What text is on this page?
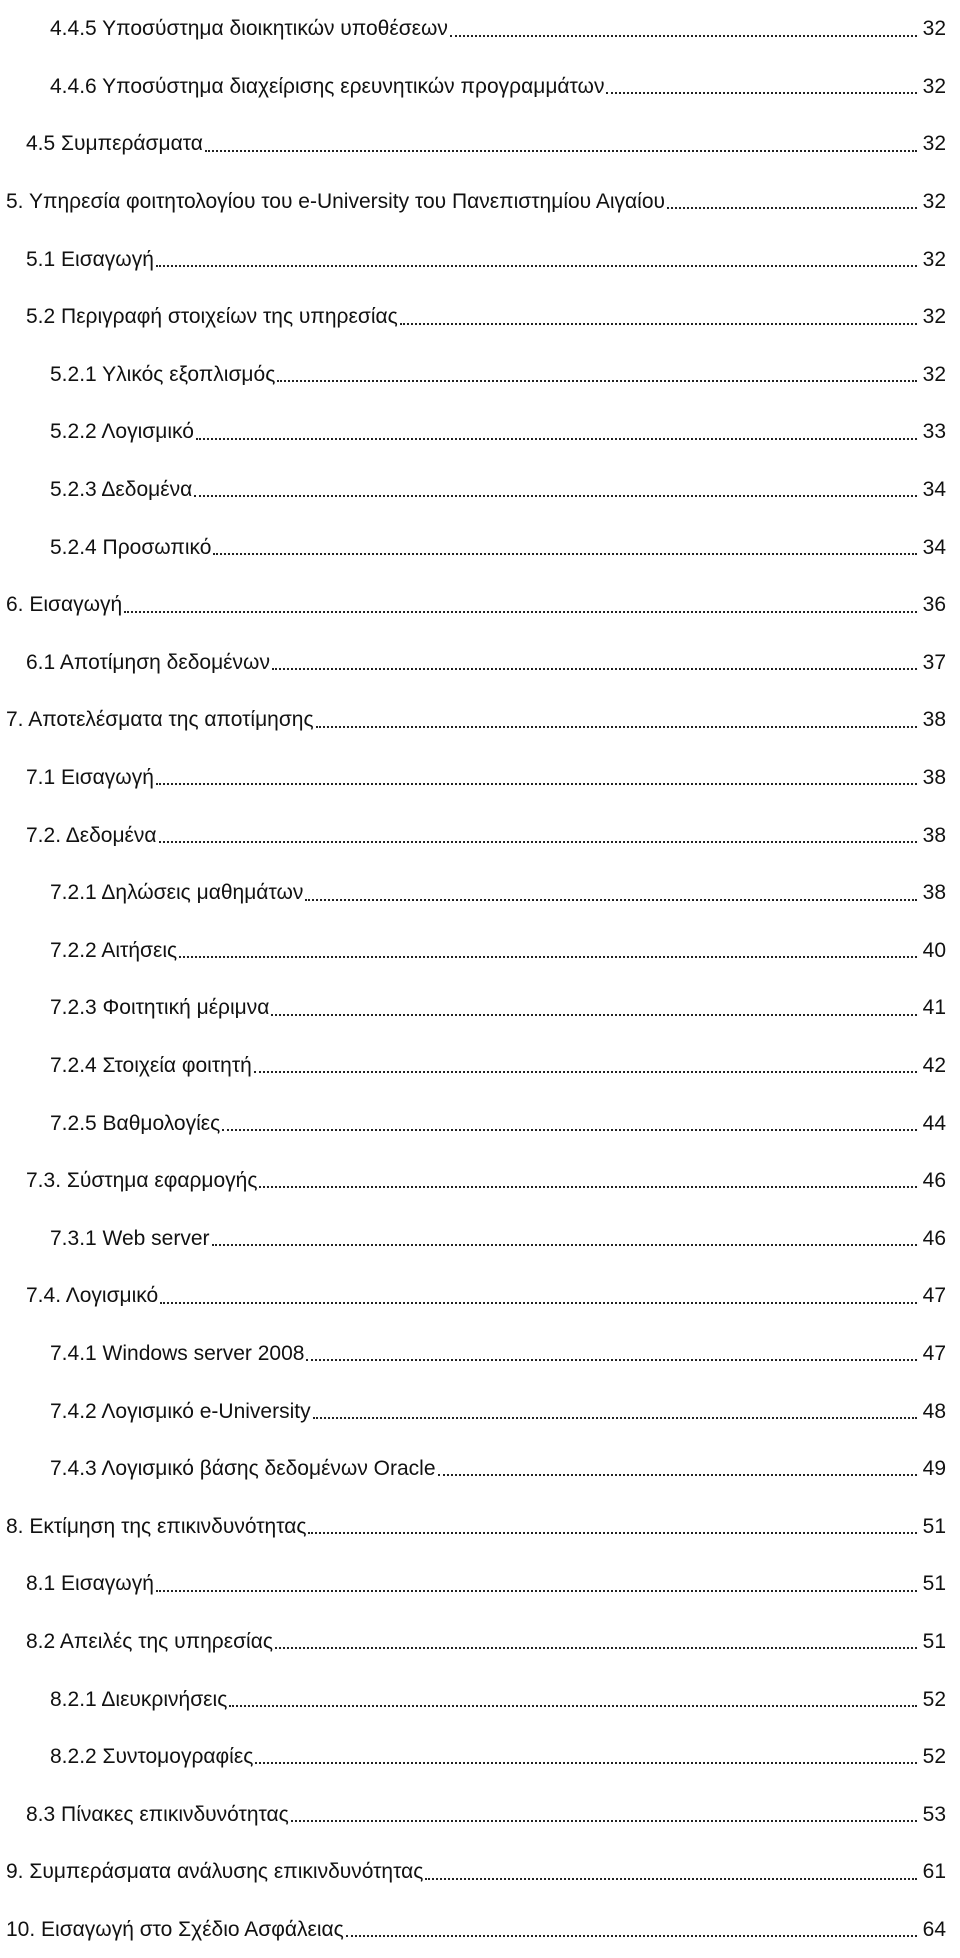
4.4.5 Υποσύστημα διοικητικών υποθέσεων	32
4.4.6 Υποσύστημα διαχείρισης ερευνητικών προγραμμάτων	32
4.5 Συμπεράσματα	32
5. Υπηρεσία φοιτητολογίου του e-University του Πανεπιστημίου Αιγαίου	32
5.1 Εισαγωγή	32
5.2 Περιγραφή στοιχείων της υπηρεσίας	32
5.2.1 Υλικός εξοπλισμός	32
5.2.2 Λογισμικό	33
5.2.3 Δεδομένα	34
5.2.4 Προσωπικό	34
6. Εισαγωγή	36
6.1 Αποτίμηση δεδομένων	37
7. Αποτελέσματα της αποτίμησης	38
7.1 Εισαγωγή	38
7.2. Δεδομένα	38
7.2.1 Δηλώσεις μαθημάτων	38
7.2.2 Αιτήσεις	40
7.2.3 Φοιτητική μέριμνα	41
7.2.4 Στοιχεία φοιτητή	42
7.2.5 Βαθμολογίες	44
7.3. Σύστημα εφαρμογής	46
7.3.1 Web server	46
7.4. Λογισμικό	47
7.4.1 Windows server 2008	47
7.4.2 Λογισμικό e-University	48
7.4.3 Λογισμικό βάσης δεδομένων Oracle	49
8. Εκτίμηση της επικινδυνότητας	51
8.1 Εισαγωγή	51
8.2 Απειλές της υπηρεσίας	51
8.2.1 Διευκρινήσεις	52
8.2.2 Συντομογραφίες	52
8.3 Πίνακες επικινδυνότητας	53
9. Συμπεράσματα ανάλυσης επικινδυνότητας	61
10. Εισαγωγή στο Σχέδιο Ασφάλειας	64
